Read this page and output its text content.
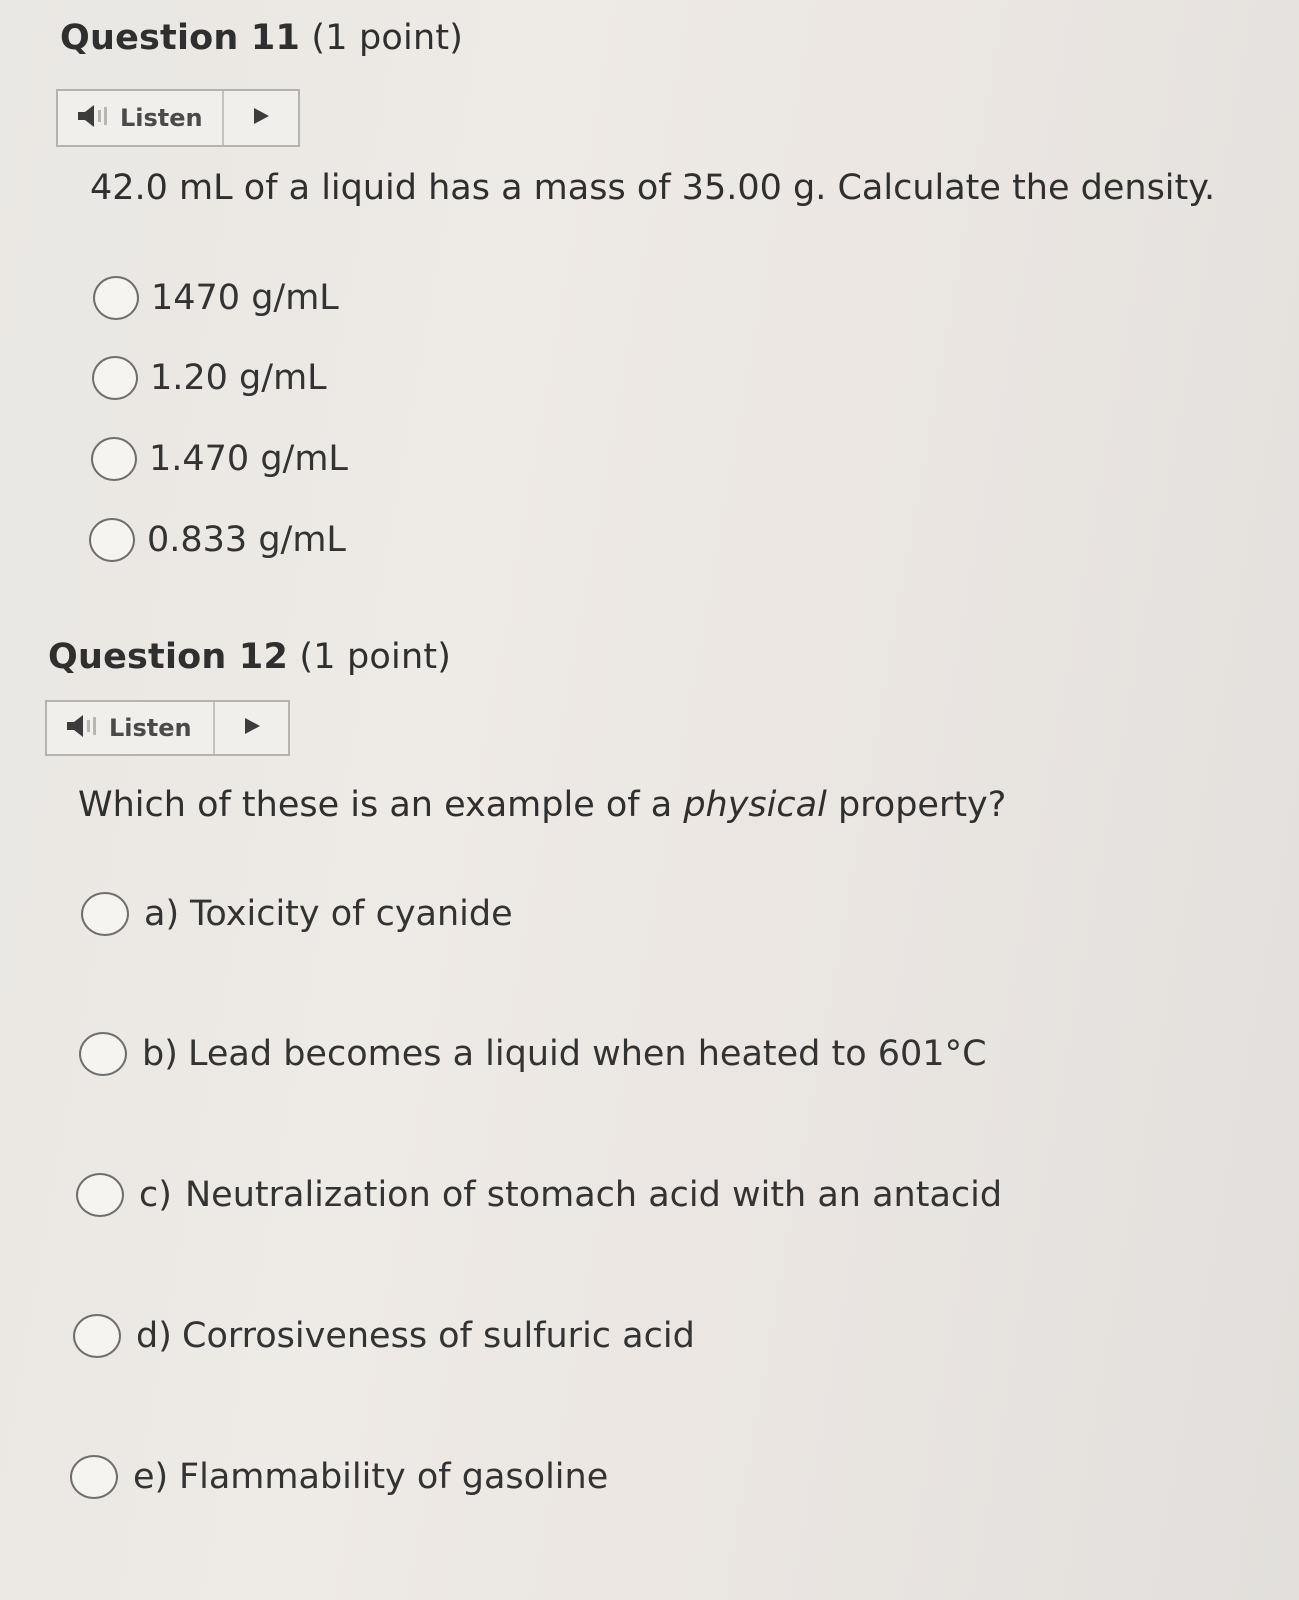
Question 11 (1 point)
Listen
42.0 mL of a liquid has a mass of 35.00 g. Calculate the density.
1470 g/mL
1.20 g/mL
1.470 g/mL
0.833 g/mL
Question 12 (1 point)
Listen
Which of these is an example of a physical property?
a) Toxicity of cyanide
b) Lead becomes a liquid when heated to 601°C
c) Neutralization of stomach acid with an antacid
d) Corrosiveness of sulfuric acid
e) Flammability of gasoline
